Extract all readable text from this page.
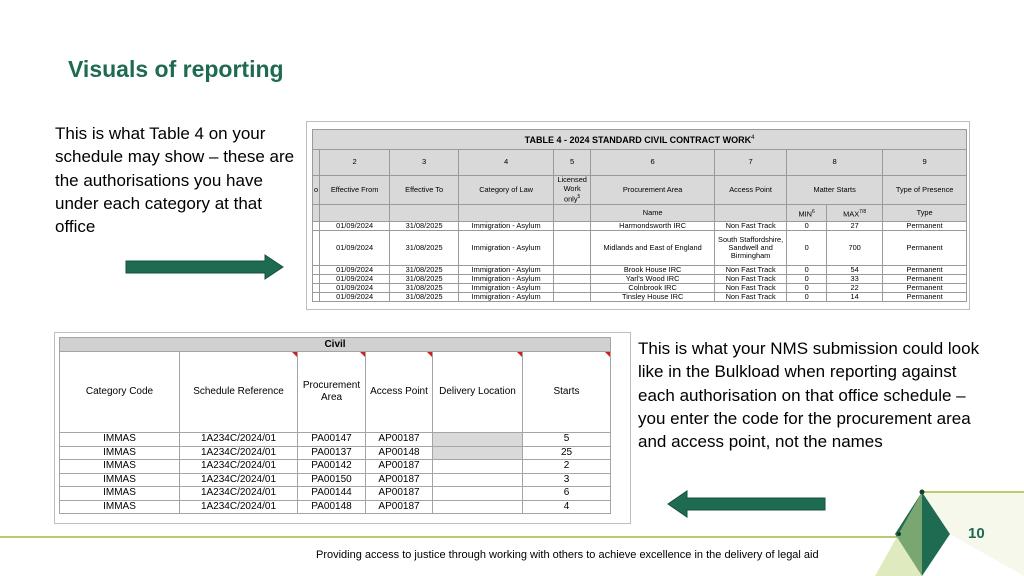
Visuals of reporting
This is what Table 4 on your schedule may show – these are the authorisations you have under each category at that office
TABLE 4 - 2024 STANDARD CIVIL CONTRACT WORK$^4$
	2	3	4	5	6	7	8		9
o	Effective From	Effective To	Category of Law	Licensed Work only$^5$	Procurement Area	Access Point	Matter Starts		Type of Presence
					Name		MIN$^6$	$MAX^{7/8}$	Type
	01/09/2024	31/08/2025	Immigration - Asylum		Harmondsworth IRC	Non Fast Track	0	27	Permanent
	01/09/2024	31/08/2025	Immigration - Asylum		Midlands and East of England	South Staffordshire, Sandwell and Birmingham	0	700	Permanent
	01/09/2024	31/08/2025	Immigration - Asylum		Brook House IRC	Non Fast Track	0	54	Permanent
	01/09/2024	31/08/2025	Immigration - Asylum		Yarl's Wood IRC	Non Fast Track	0	33	Permanent
	01/09/2024	31/08/2025	Immigration - Asylum		Colnbrook IRC	Non Fast Track	0	22	Permanent
	01/09/2024	31/08/2025	Immigration - Asylum		Tinsley House IRC	Non Fast Track	0	14	Permanent
Civil					
Category Code	Schedule Reference	Procurement Area	Access Point	Delivery Location	Starts

IMMAS	1A234C/2024/01	PA00147	AP00187		5
IMMAS	1A234C/2024/01	PA00137	AP00148		25
IMMAS	1A234C/2024/01	PA00142	AP00187		2
IMMAS	1A234C/2024/01	PA00150	AP00187		3
IMMAS	1A234C/2024/01	PA00144	AP00187		6
IMMAS	1A234C/2024/01	PA00148	AP00187		4
This is what your NMS submission could look like in the Bulkload when reporting against each authorisation on that office schedule – you enter the code for the procurement area and access point, not the names
Providing access to justice through working with others to achieve excellence in the delivery of legal aid
10
